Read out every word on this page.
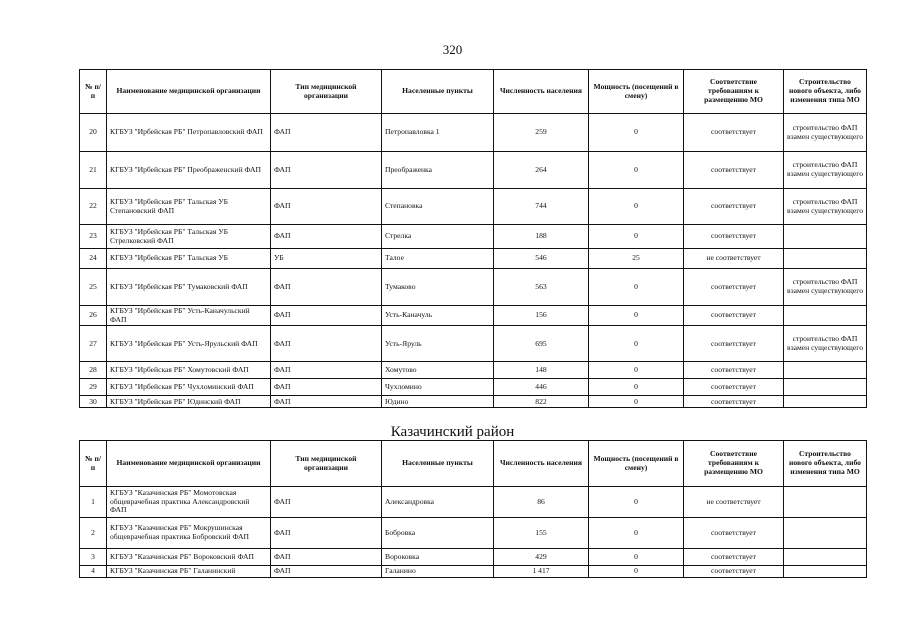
320
№ п/п	Наименование медицинской организации	Тип медицинской организации	Населенные пункты	Численность населения	Мощность (посещений в смену)	Соответствие требованиям к размещению МО	Строительство нового объекта, либо изменения типа МО
20	КГБУЗ "Ирбейская РБ" Петропавловский ФАП	ФАП	Петропавловка 1	259	0	соответствует	строительство ФАП взамен существующего
21	КГБУЗ "Ирбейская РБ" Преображенский ФАП	ФАП	Преображенка	264	0	соответствует	строительство ФАП взамен существующего
22	КГБУЗ "Ирбейская РБ" Тальская УБ Степановский ФАП	ФАП	Степановка	744	0	соответствует	строительство ФАП взамен существующего
23	КГБУЗ "Ирбейская РБ" Тальская УБ Стрелковский ФАП	ФАП	Стрелка	188	0	соответствует	
24	КГБУЗ "Ирбейская РБ" Тальская УБ	УБ	Талое	546	25	не соответствует	
25	КГБУЗ "Ирбейская РБ" Тумаковский ФАП	ФАП	Тумаково	563	0	соответствует	строительство ФАП взамен существующего
26	КГБУЗ "Ирбейская РБ" Усть-Каначульский ФАП	ФАП	Усть-Каначуль	156	0	соответствует	
27	КГБУЗ "Ирбейская РБ" Усть-Ярульский ФАП	ФАП	Усть-Яруль	695	0	соответствует	строительство ФАП взамен существующего
28	КГБУЗ "Ирбейская РБ" Хомутовский ФАП	ФАП	Хомутово	148	0	соответствует	
29	КГБУЗ "Ирбейская РБ" Чухломинский ФАП	ФАП	Чухломино	446	0	соответствует	
30	КГБУЗ "Ирбейская РБ" Юдинский ФАП	ФАП	Юдино	822	0	соответствует	
Казачинский район
№ п/п	Наименование медицинской организации	Тип медицинской организации	Населенные пункты	Численность населения	Мощность (посещений в смену)	Соответствие требованиям к размещению МО	Строительство нового объекта, либо изменения типа МО
1	КГБУЗ "Казачинская РБ" Момотовская общеврачебная практика Александровский ФАП	ФАП	Александровка	86	0	не соответствует	
2	КГБУЗ "Казачинская РБ" Мокрушинская общеврачебная практика Бобровский ФАП	ФАП	Бобровка	155	0	соответствует	
3	КГБУЗ "Казачинская РБ" Вороковский ФАП	ФАП	Вороковка	429	0	соответствует	
4	КГБУЗ "Казачинская РБ" Галанинский	ФАП	Галанино	1 417	0	соответствует	
